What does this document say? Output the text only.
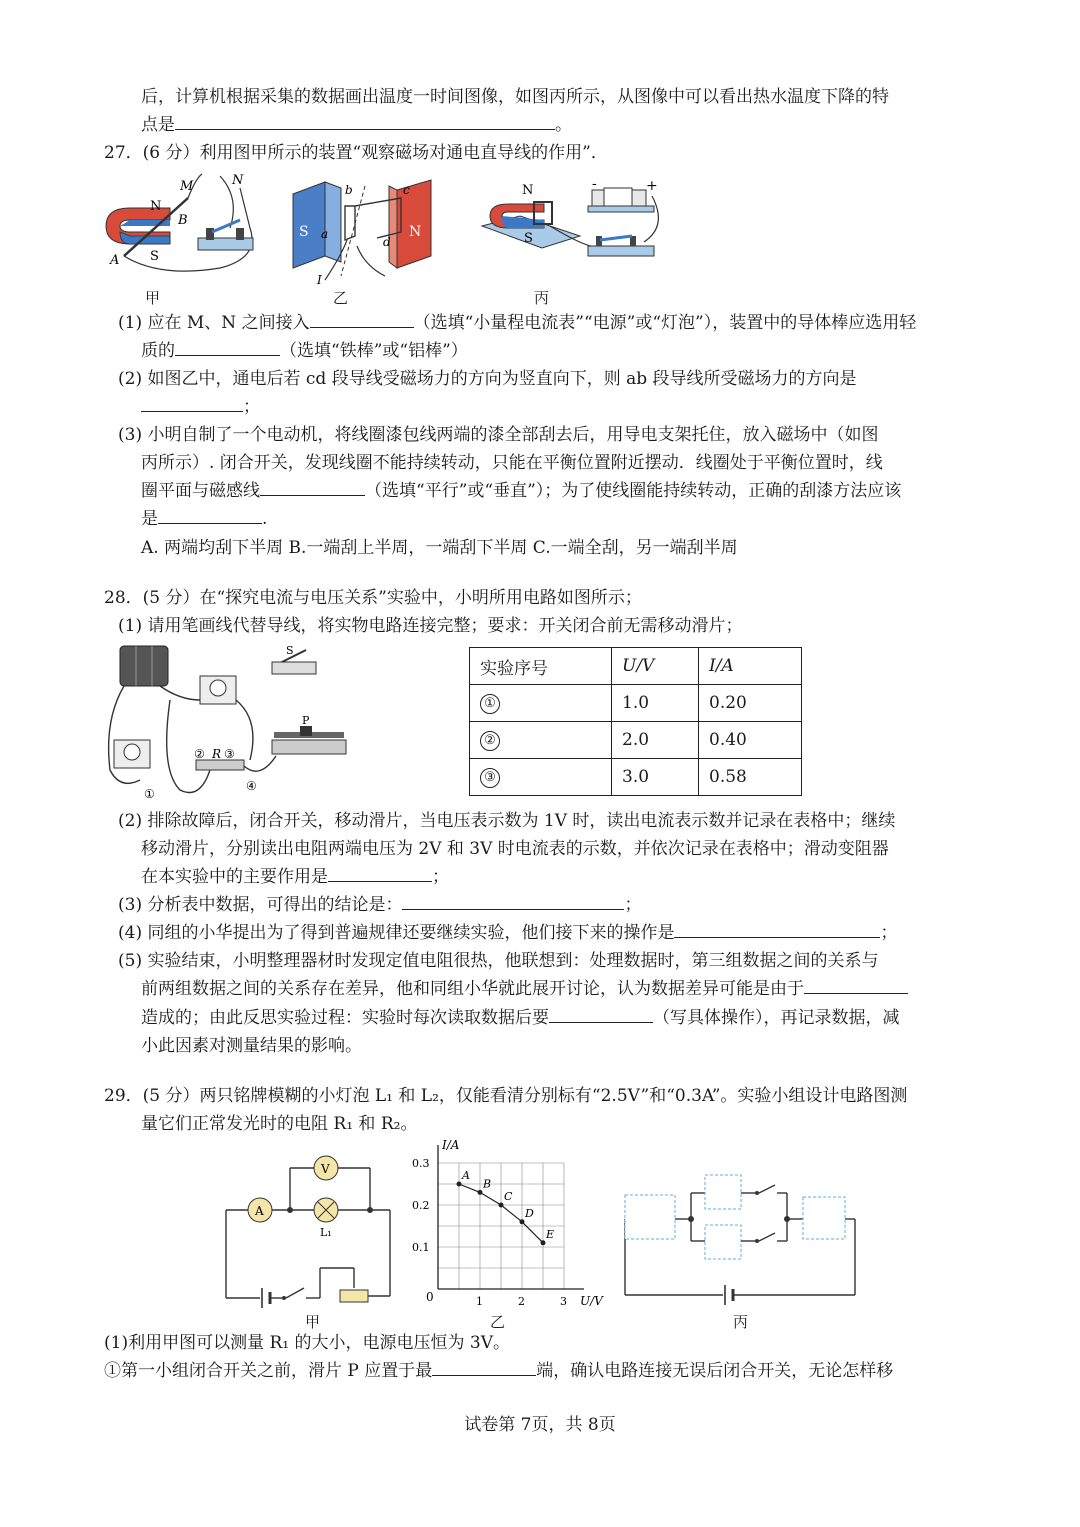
后，计算机根据采集的数据画出温度一时间图像，如图丙所示，从图像中可以看出热水温度下降的特
点是	。
27．(6 分）利用图甲所示的装置“观察磁场对通电直导线的作用”．
M	N
N
S
A
B
甲
S	N
b	c
a
d
I
乙
N
S
-	+
丙
(1) 应在 M、N 之间接入	（选填“小量程电流表”“电源”或“灯泡”），装置中的导体棒应选用轻
质的	（选填“铁棒”或“铝棒”）
(2) 如图乙中，通电后若 cd 段导线受磁场力的方向为竖直向下，则 ab 段导线所受磁场力的方向是
；
(3) 小明自制了一个电动机，将线圈漆包线两端的漆全部刮去后，用导电支架托住，放入磁场中（如图
丙所示）. 闭合开关，发现线圈不能持续转动，只能在平衡位置附近摆动．线圈处于平衡位置时，线
圈平面与磁感线	（选填“平行”或“垂直”）；为了使线圈能持续转动，正确的刮漆方法应该
是	.
A. 两端均刮下半周 B.一端刮上半周，一端刮下半周 C.一端全刮，另一端刮半周
28．(5 分）在“探究电流与电压关系”实验中，小明所用电路如图所示；
(1) 请用笔画线代替导线，将实物电路连接完整；要求：开关闭合前无需移动滑片；
S
P
R
①
② ③
④
实验序号	U/V	I/A
①	1.0	0.20
②	2.0	0.40
③	3.0	0.58
(2) 排除故障后，闭合开关，移动滑片，当电压表示数为 1V 时，读出电流表示数并记录在表格中；继续
移动滑片，分别读出电阻两端电压为 2V 和 3V 时电流表的示数，并依次记录在表格中；滑动变阻器
在本实验中的主要作用是	；
(3) 分析表中数据，可得出的结论是：	；
(4) 同组的小华提出为了得到普遍规律还要继续实验，他们接下来的操作是	；
(5) 实验结束，小明整理器材时发现定值电阻很热，他联想到：处理数据时，第三组数据之间的关系与
前两组数据之间的关系存在差异，他和同组小华就此展开讨论，认为数据差异可能是由于
造成的；由此反思实验过程：实验时每次读取数据后要	（写具体操作），再记录数据，减
小此因素对测量结果的影响。
29．(5 分）两只铭牌模糊的小灯泡 L₁ 和 L₂，仅能看清分别标有“2.5V”和“0.3A”。实验小组设计电路图测
量它们正常发光时的电阻 R₁ 和 R₂。
A
V
L₁
甲
A
B
C
D
E
1	2	3
0.1
0.2
0.3
I/A
U/V
0
乙	丙
(1)利用甲图可以测量 R₁ 的大小，电源电压恒为 3V。
①第一小组闭合开关之前，滑片 P 应置于最	端，确认电路连接无误后闭合开关，无论怎样移
试卷第 7页，共 8页
